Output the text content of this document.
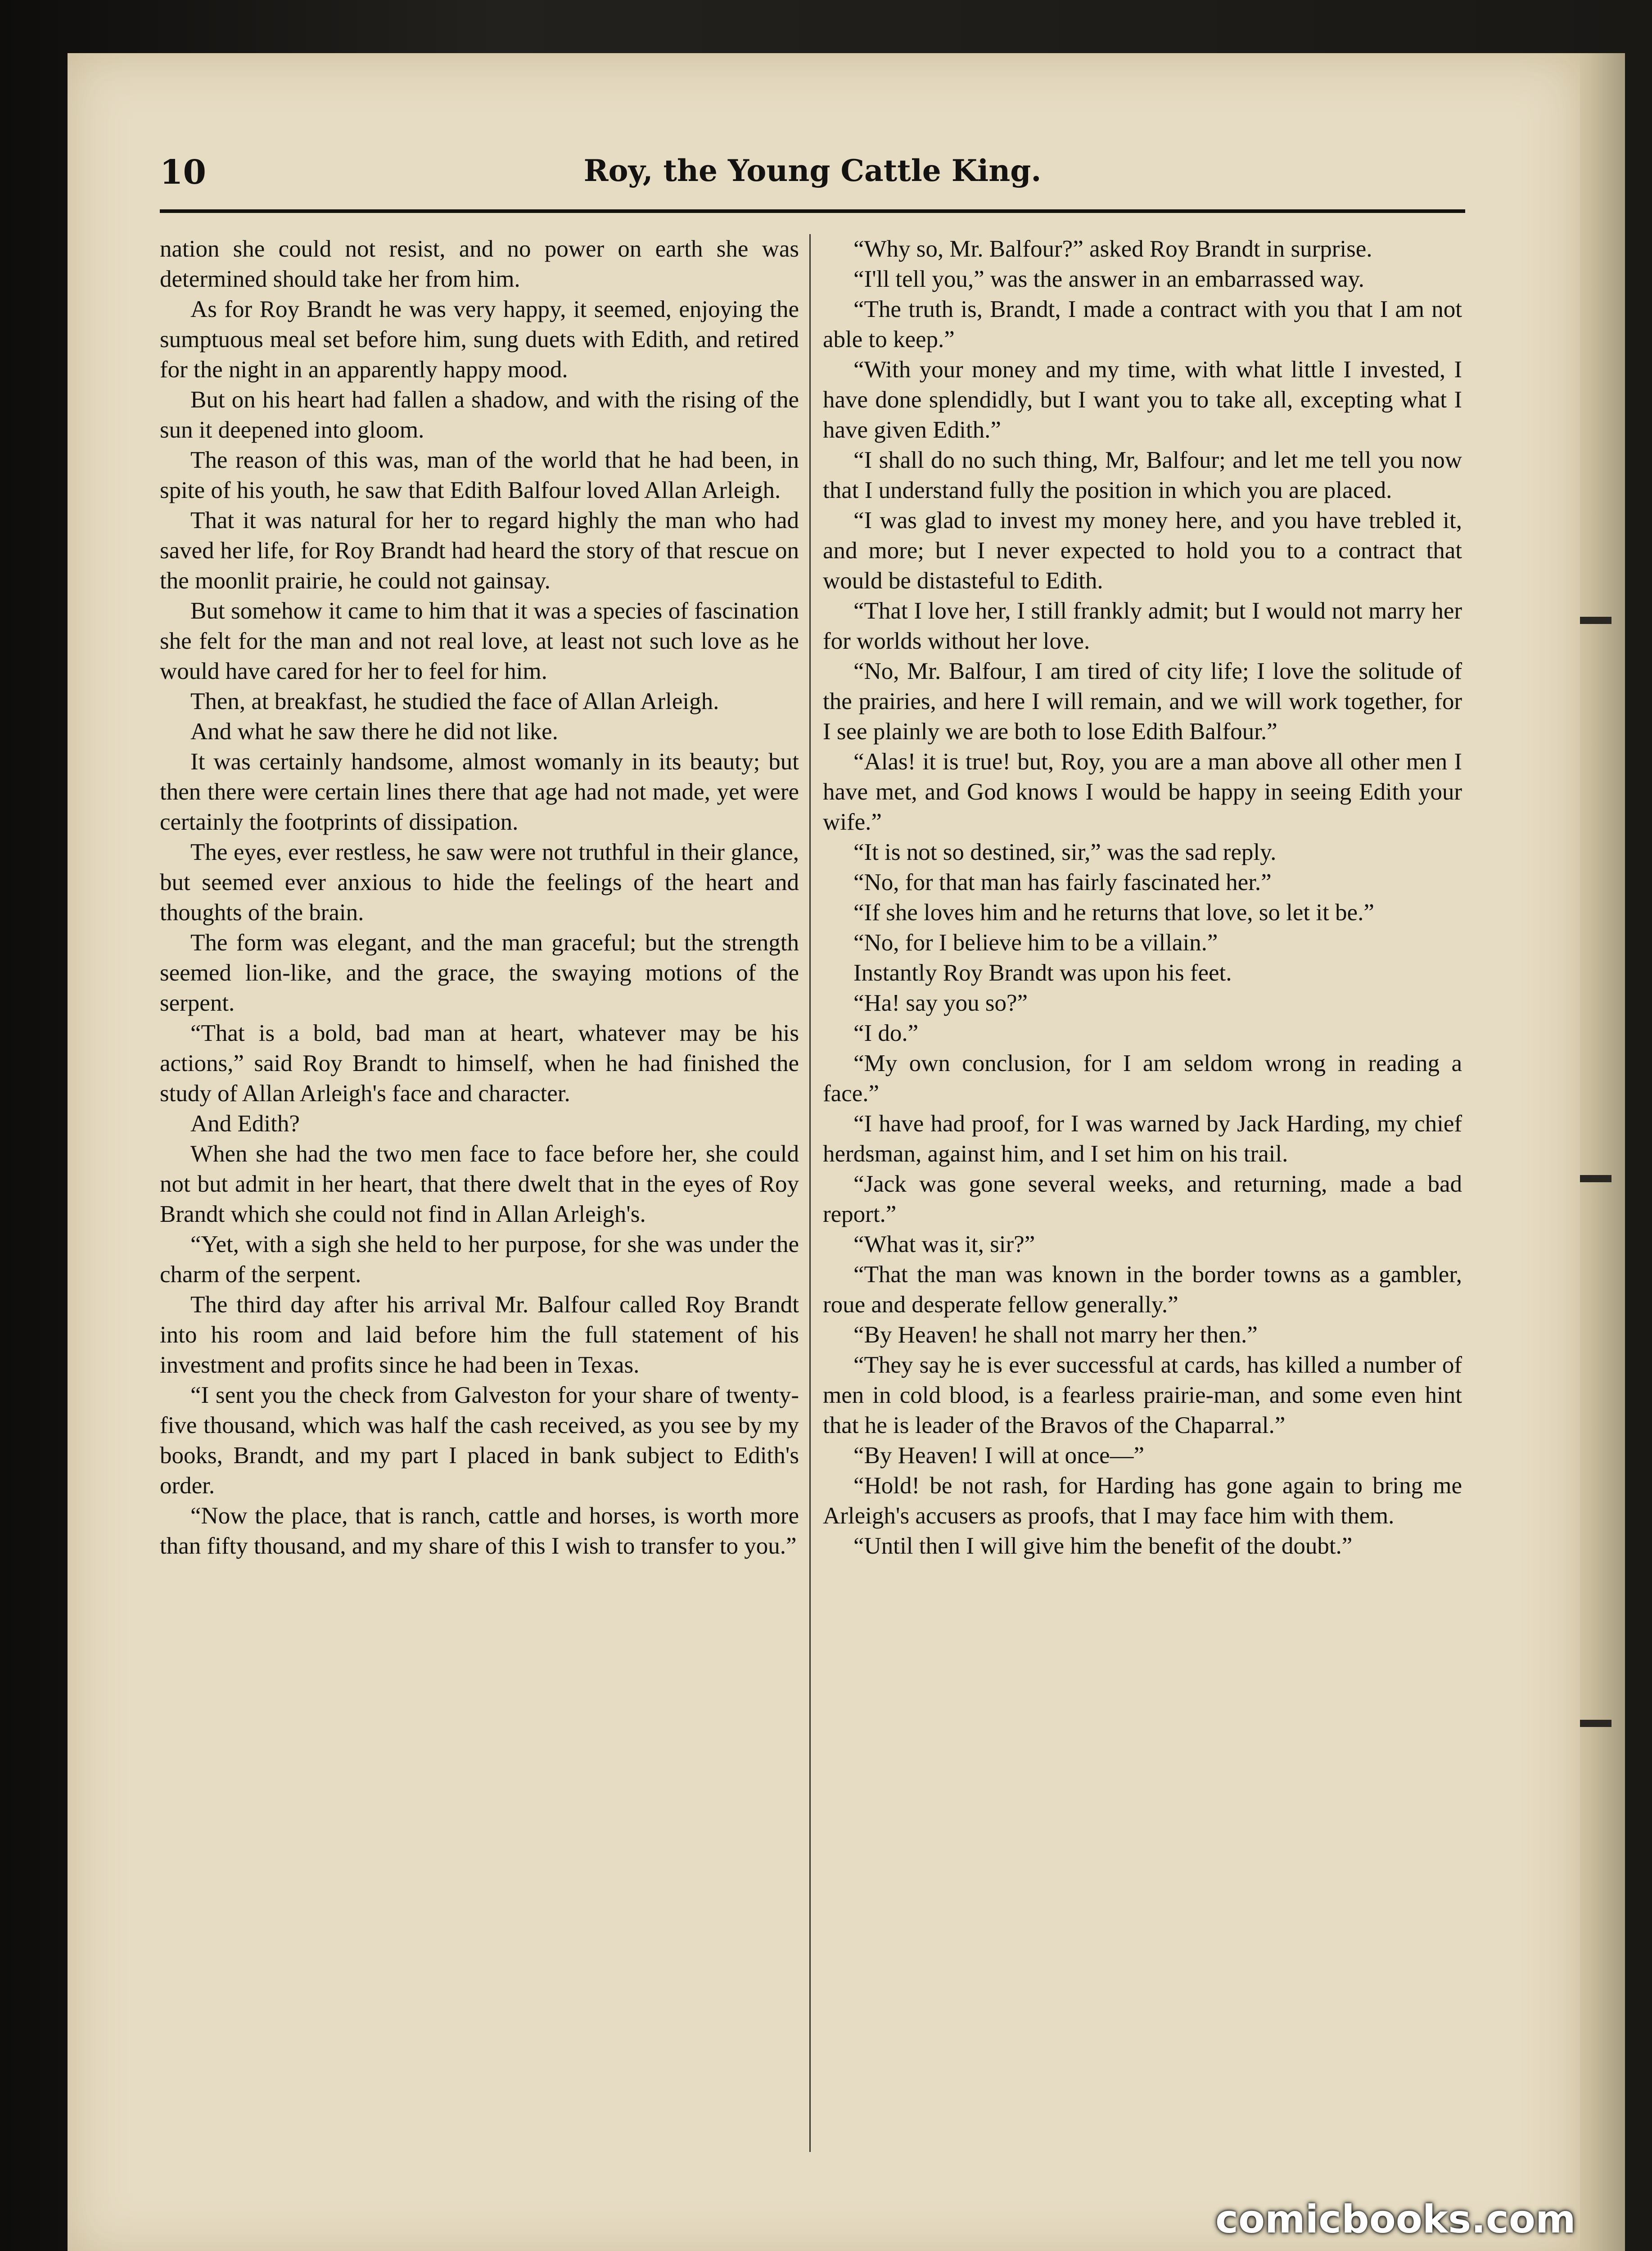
10	Roy, the Young Cattle King.

nation she could not resist, and no power on earth she was determined should take her from him.

As for Roy Brandt he was very happy, it seemed, enjoying the sumptuous meal set before him, sung duets with Edith, and retired for the night in an apparently happy mood.

But on his heart had fallen a shadow, and with the rising of the sun it deepened into gloom.

The reason of this was, man of the world that he had been, in spite of his youth, he saw that Edith Balfour loved Allan Arleigh.

That it was natural for her to regard highly the man who had saved her life, for Roy Brandt had heard the story of that rescue on the moonlit prairie, he could not gainsay.

But somehow it came to him that it was a species of fascination she felt for the man and not real love, at least not such love as he would have cared for her to feel for him.

Then, at breakfast, he studied the face of Allan Arleigh.

And what he saw there he did not like.

It was certainly handsome, almost womanly in its beauty; but then there were certain lines there that age had not made, yet were certainly the footprints of dissipation.

The eyes, ever restless, he saw were not truthful in their glance, but seemed ever anxious to hide the feelings of the heart and thoughts of the brain.

The form was elegant, and the man graceful; but the strength seemed lion-like, and the grace, the swaying motions of the serpent.

“That is a bold, bad man at heart, whatever may be his actions,” said Roy Brandt to himself, when he had finished the study of Allan Arleigh's face and character.

And Edith?

When she had the two men face to face before her, she could not but admit in her heart, that there dwelt that in the eyes of Roy Brandt which she could not find in Allan Arleigh's.

“Yet, with a sigh she held to her purpose, for she was under the charm of the serpent.

The third day after his arrival Mr. Balfour called Roy Brandt into his room and laid before him the full statement of his investment and profits since he had been in Texas.

“I sent you the check from Galveston for your share of twenty-five thousand, which was half the cash received, as you see by my books, Brandt, and my part I placed in bank subject to Edith's order.

“Now the place, that is ranch, cattle and horses, is worth more than fifty thousand, and my share of this I wish to transfer to you.”

“Why so, Mr. Balfour?” asked Roy Brandt in surprise.

“I'll tell you,” was the answer in an embarrassed way.

“The truth is, Brandt, I made a contract with you that I am not able to keep.”

“With your money and my time, with what little I invested, I have done splendidly, but I want you to take all, excepting what I have given Edith.”

“I shall do no such thing, Mr, Balfour; and let me tell you now that I understand fully the position in which you are placed.

“I was glad to invest my money here, and you have trebled it, and more; but I never expected to hold you to a contract that would be distasteful to Edith.

“That I love her, I still frankly admit; but I would not marry her for worlds without her love.

“No, Mr. Balfour, I am tired of city life; I love the solitude of the prairies, and here I will remain, and we will work together, for I see plainly we are both to lose Edith Balfour.”

“Alas! it is true! but, Roy, you are a man above all other men I have met, and God knows I would be happy in seeing Edith your wife.”

“It is not so destined, sir,” was the sad reply.

“No, for that man has fairly fascinated her.”

“If she loves him and he returns that love, so let it be.”

“No, for I believe him to be a villain.”

Instantly Roy Brandt was upon his feet.

“Ha! say you so?”

“I do.”

“My own conclusion, for I am seldom wrong in reading a face.”

“I have had proof, for I was warned by Jack Harding, my chief herdsman, against him, and I set him on his trail.

“Jack was gone several weeks, and returning, made a bad report.”

“What was it, sir?”

“That the man was known in the border towns as a gambler, roue and desperate fellow generally.”

“By Heaven! he shall not marry her then.”

“They say he is ever successful at cards, has killed a number of men in cold blood, is a fearless prairie-man, and some even hint that he is leader of the Bravos of the Chaparral.”

“By Heaven! I will at once—”

“Hold! be not rash, for Harding has gone again to bring me Arleigh's accusers as proofs, that I may face him with them.

“Until then I will give him the benefit of the doubt.”

comicbooks.com
